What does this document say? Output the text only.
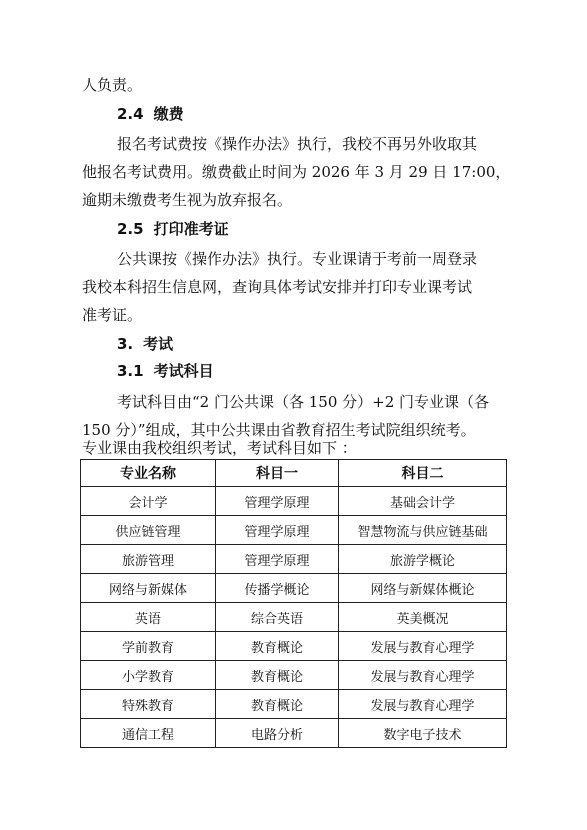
人负责。
2.4 缴费
报名考试费按《操作办法》执行，我校不再另外收取其
他报名考试费用。缴费截止时间为 2026 年 3 月 29 日 17:00，
逾期未缴费考生视为放弃报名。
2.5 打印准考证
公共课按《操作办法》执行。专业课请于考前一周登录
我校本科招生信息网，查询具体考试安排并打印专业课考试
准考证。
3. 考试
3.1 考试科目
考试科目由“2 门公共课（各 150 分）+2 门专业课（各
150 分）”组成，其中公共课由省教育招生考试院组织统考。
专业课由我校组织考试，考试科目如下 ：
专业名称	科目一	科目二
会计学	管理学原理	基础会计学
供应链管理	管理学原理	智慧物流与供应链基础
旅游管理	管理学原理	旅游学概论
网络与新媒体	传播学概论	网络与新媒体概论
英语	综合英语	英美概况
学前教育	教育概论	发展与教育心理学
小学教育	教育概论	发展与教育心理学
特殊教育	教育概论	发展与教育心理学
通信工程	电路分析	数字电子技术
